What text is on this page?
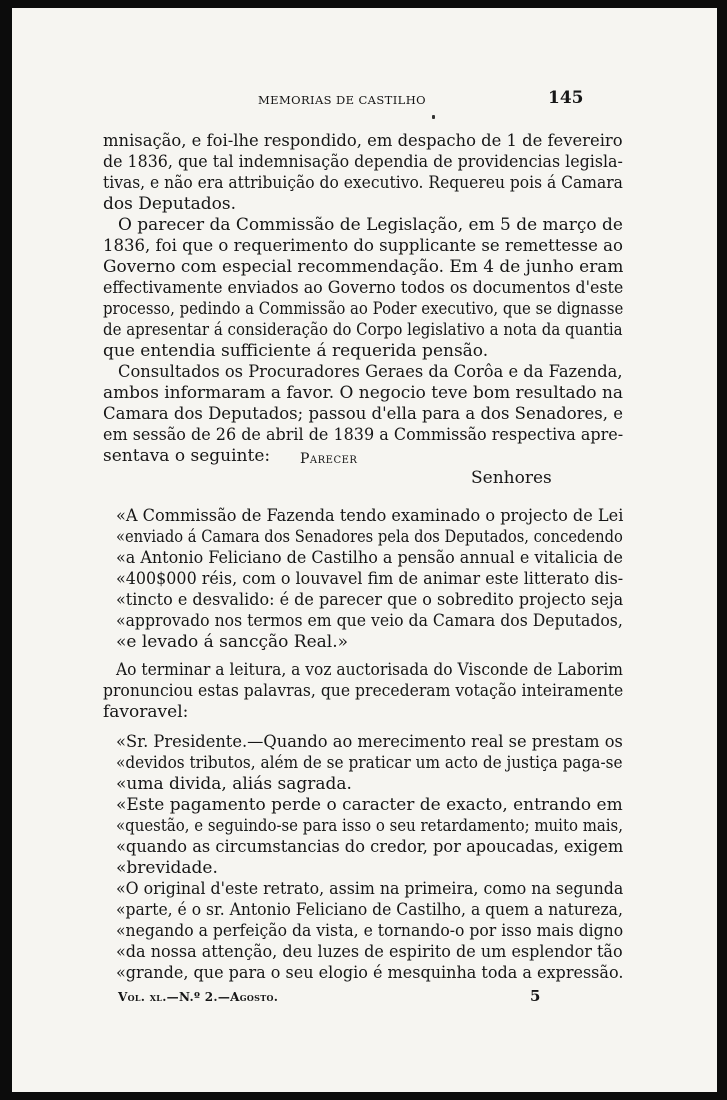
MEMORIAS DE CASTILHO	145
mnisação, e foi-lhe respondido, em despacho de 1 de fevereiro
de 1836, que tal indemnisação dependia de providencias legisla-
tivas, e não era attribuição do executivo. Requereu pois á Camara
dos Deputados.
O parecer da Commissão de Legislação, em 5 de março de
1836, foi que o requerimento do supplicante se remettesse ao
Governo com especial recommendação. Em 4 de junho eram
effectivamente enviados ao Governo todos os documentos d'este
processo, pedindo a Commissão ao Poder executivo, que se dignasse
de apresentar á consideração do Corpo legislativo a nota da quantia
que entendia sufficiente á requerida pensão.
Consultados os Procuradores Geraes da Corôa e da Fazenda,
ambos informaram a favor. O negocio teve bom resultado na
Camara dos Deputados; passou d'ella para a dos Senadores, e
em sessão de 26 de abril de 1839 a Commissão respectiva apre-
sentava o seguinte: Parecer
Senhores
«A Commissão de Fazenda tendo examinado o projecto de Lei
«enviado á Camara dos Senadores pela dos Deputados, concedendo
«a Antonio Feliciano de Castilho a pensão annual e vitalicia de
«400$000 réis, com o louvavel fim de animar este litterato dis-
«tincto e desvalido: é de parecer que o sobredito projecto seja
«approvado nos termos em que veio da Camara dos Deputados,
«e levado á sancção Real.»
Ao terminar a leitura, a voz auctorisada do Visconde de Laborim
pronunciou estas palavras, que precederam votação inteiramente
favoravel:
«Sr. Presidente.—Quando ao merecimento real se prestam os
«devidos tributos, além de se praticar um acto de justiça paga-se
«uma divida, aliás sagrada.
«Este pagamento perde o caracter de exacto, entrando em
«questão, e seguindo-se para isso o seu retardamento; muito mais,
«quando as circumstancias do credor, por apoucadas, exigem
«brevidade.
«O original d'este retrato, assim na primeira, como na segunda
«parte, é o sr. Antonio Feliciano de Castilho, a quem a natureza,
«negando a perfeição da vista, e tornando-o por isso mais digno
«da nossa attenção, deu luzes de espirito de um esplendor tão
«grande, que para o seu elogio é mesquinha toda a expressão.
Vol. xl.—N.º 2.—Agosto.	5
